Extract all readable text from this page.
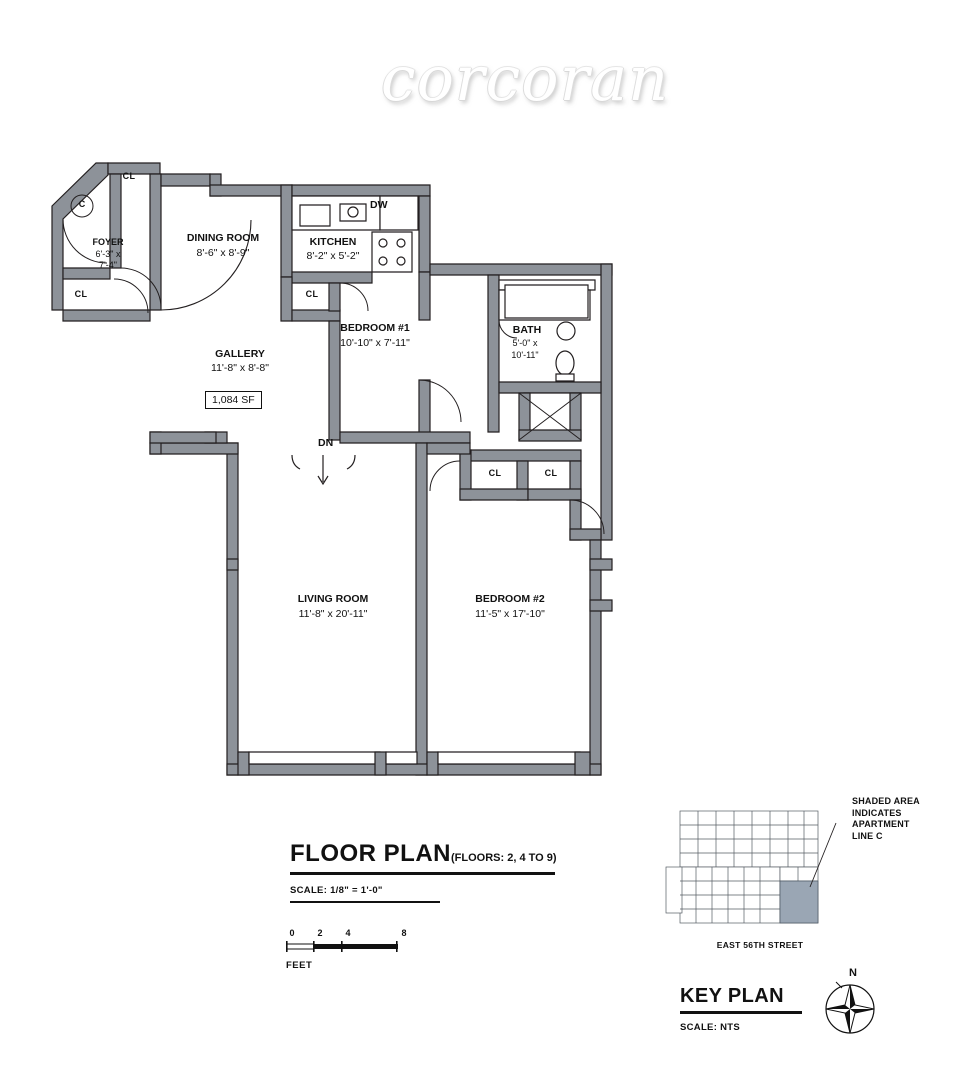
corcoran
CL
CL	CL
CL	CL
FOYER
6'-3" x
7'-4"
DINING ROOM
8'-6" x 8'-9"
KITCHEN
8'-2" x 5'-2"
DW
GALLERY
11'-8" x 8'-8"
1,084 SF
BEDROOM #1
10'-10" x 7'-11"
BATH
5'-0" x
10'-11"
DN
LIVING ROOM
11'-8" x 20'-11"
BEDROOM #2
11'-5" x 17'-10"
C
FLOOR PLAN(FLOORS: 2, 4 TO 9)
SCALE: 1/8" = 1'-0"
0	2	4	8
FEET
SHADED AREA
INDICATES
APARTMENT
LINE C
EAST 56TH STREET
KEY PLAN
SCALE: NTS
N
